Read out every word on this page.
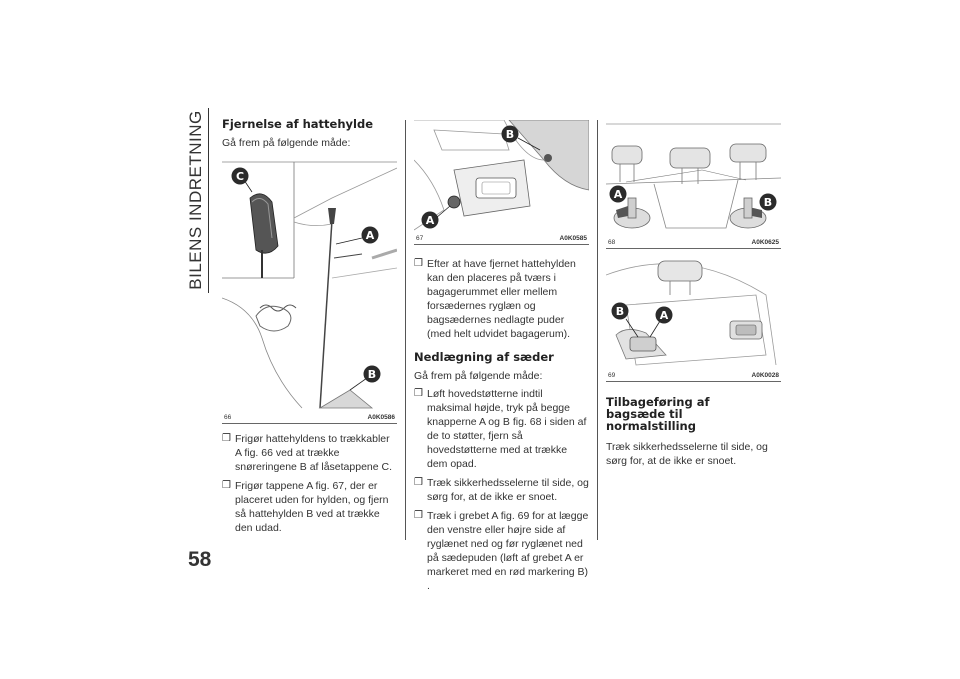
BILENS INDRETNING
58
Fjernelse af hattehylde

Gå frem på følgende måde:

C
A
B
66	A0K0586
❒ Frigør hattehyldens to trækkabler A fig. 66 ved at trække snøreringene B af låsetappene C.
❒ Frigør tappene A fig. 67, der er placeret uden for hylden, og fjern så hattehylden B ved at trække den udad.
B
A
67	A0K0585
❒ Efter at have fjernet hattehylden kan den placeres på tværs i bagagerummet eller mellem forsædernes ryglæn og bagsædernes nedlagte puder (med helt udvidet bagagerum).
Nedlægning af sæder

Gå frem på følgende måde:

❒ Løft hovedstøtterne indtil maksimal højde, tryk på begge knapperne A og B fig. 68 i siden af de to støtter, fjern så hovedstøtterne med at trække dem opad.
❒ Træk sikkerhedsselerne til side, og sørg for, at de ikke er snoet.
❒ Træk i grebet A fig. 69 for at lægge den venstre eller højre side af ryglænet ned og før ryglænet ned på sædepuden (løft af grebet A er markeret med en rød markering B) .
A
B
68	A0K0625
B	A
69	A0K0028
Tilbageføring af bagsæde til normalstilling

Træk sikkerhedsselerne til side, og sørg for, at de ikke er snoet.
